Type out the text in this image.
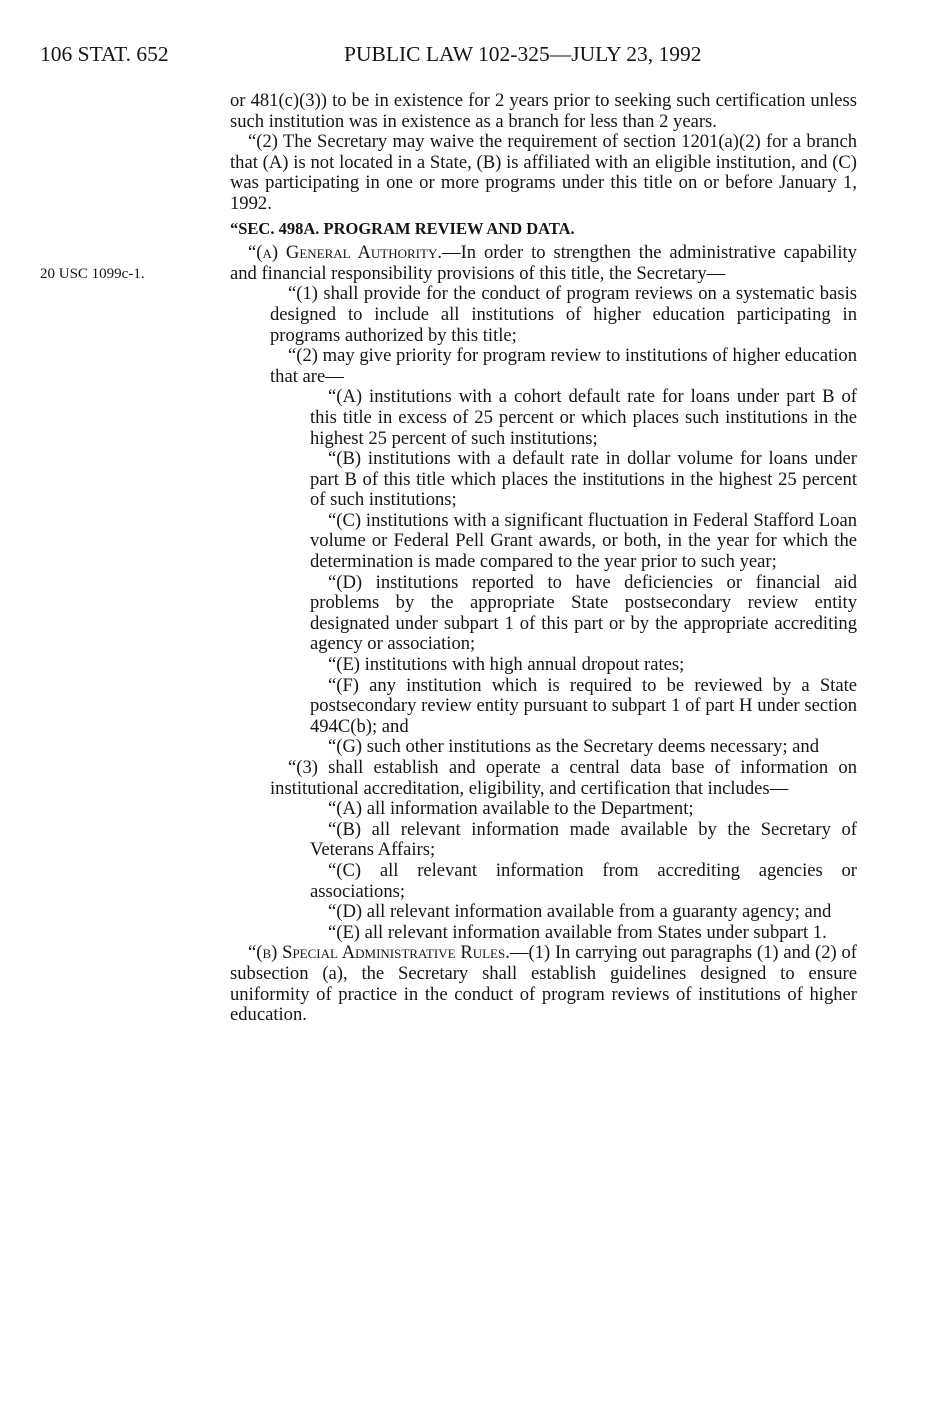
106 STAT. 652	PUBLIC LAW 102-325—JULY 23, 1992
20 USC 1099c-1.

or 481(c)(3)) to be in existence for 2 years prior to seeking such certification unless such institution was in existence as a branch for less than 2 years.

“(2) The Secretary may waive the requirement of section 1201(a)(2) for a branch that (A) is not located in a State, (B) is affiliated with an eligible institution, and (C) was participating in one or more programs under this title on or before January 1, 1992.

“SEC. 498A. PROGRAM REVIEW AND DATA.

“(a) General Authority.—In order to strengthen the administrative capability and financial responsibility provisions of this title, the Secretary—

“(1) shall provide for the conduct of program reviews on a systematic basis designed to include all institutions of higher education participating in programs authorized by this title;

“(2) may give priority for program review to institutions of higher education that are—

“(A) institutions with a cohort default rate for loans under part B of this title in excess of 25 percent or which places such institutions in the highest 25 percent of such institutions;

“(B) institutions with a default rate in dollar volume for loans under part B of this title which places the institutions in the highest 25 percent of such institutions;

“(C) institutions with a significant fluctuation in Federal Stafford Loan volume or Federal Pell Grant awards, or both, in the year for which the determination is made compared to the year prior to such year;

“(D) institutions reported to have deficiencies or financial aid problems by the appropriate State postsecondary review entity designated under subpart 1 of this part or by the appropriate accrediting agency or association;

“(E) institutions with high annual dropout rates;

“(F) any institution which is required to be reviewed by a State postsecondary review entity pursuant to subpart 1 of part H under section 494C(b); and

“(G) such other institutions as the Secretary deems necessary; and

“(3) shall establish and operate a central data base of information on institutional accreditation, eligibility, and certification that includes—

“(A) all information available to the Department;

“(B) all relevant information made available by the Secretary of Veterans Affairs;

“(C) all relevant information from accrediting agencies or associations;

“(D) all relevant information available from a guaranty agency; and

“(E) all relevant information available from States under subpart 1.

“(b) Special Administrative Rules.—(1) In carrying out paragraphs (1) and (2) of subsection (a), the Secretary shall establish guidelines designed to ensure uniformity of practice in the conduct of program reviews of institutions of higher education.
